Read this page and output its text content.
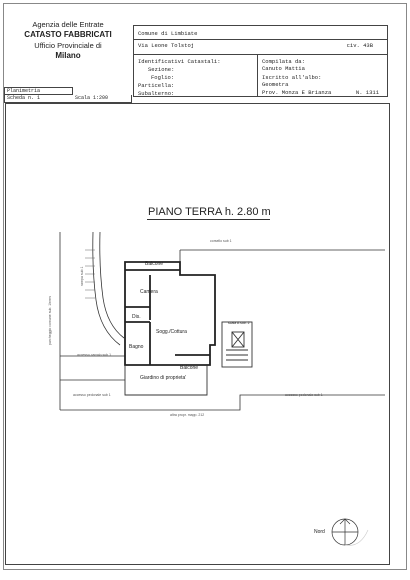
Agenzia delle Entrate
CATASTO FABBRICATI
Ufficio Provinciale di
Milano
Comune di Limbiate
Via Leone Tolstoj	civ. 43B
Identificativi Catastali:
Sezione:
Foglio:
Particella:
Subalterno:
Compilata da:
Canuto Mattia
Iscritto all'albo:
Geometra
Prov. Monza E Brianza	N. 1311
Planimetria
Scheda n. 1	Scala 1:200
PIANO TERRA h. 2.80 m
Balcone
Camera
Dis.
Sogg./Cottura
Bagno
Balcone
Giardino di proprieta'
scala A sub. 2
corsello sub 1
rampa sub 1
parcheggio comune sub. 1hrms
accesso carraio sub 1
accesso pedonale sub 1	accesso pedonale sub 1
altra propr. mapp. 212
Nord
